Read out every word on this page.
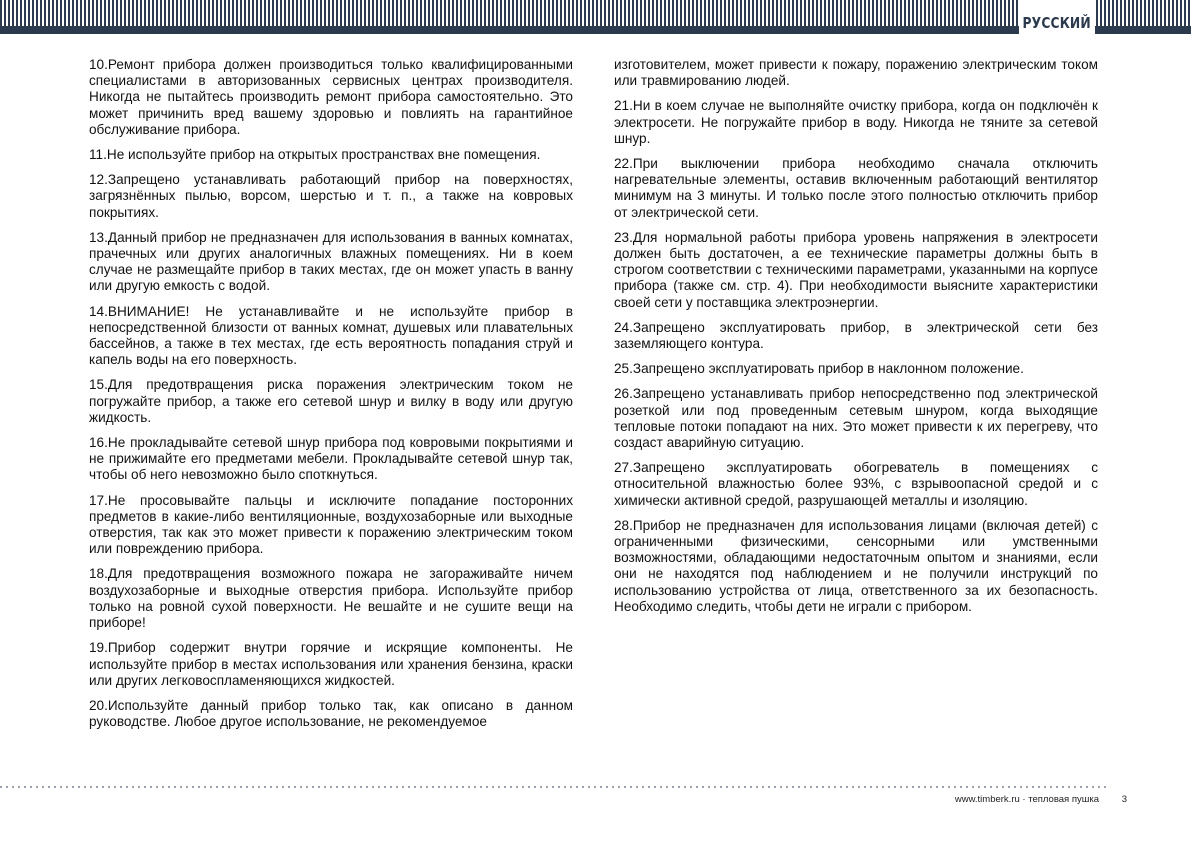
РУССКИЙ

10.Ремонт прибора должен производиться только квалифицированными специалистами в авторизованных сервисных центрах производителя. Никогда не пытайтесь производить ремонт прибора самостоятельно. Это может причинить вред вашему здоровью и повлиять на гарантийное обслуживание прибора.

11.Не используйте прибор на открытых пространствах вне помещения.

12.Запрещено устанавливать работающий прибор на поверхностях, загрязнённых пылью, ворсом, шерстью и т. п., а также на ковровых покрытиях.

13.Данный прибор не предназначен для использования в ванных комнатах, прачечных или других аналогичных влажных помещениях. Ни в коем случае не размещайте прибор в таких местах, где он может упасть в ванну или другую емкость с водой.

14.ВНИМАНИЕ! Не устанавливайте и не используйте прибор в непосредственной близости от ванных комнат, душевых или плавательных бассейнов, а также в тех местах, где есть вероятность попадания струй и капель воды на его поверхность.

15.Для предотвращения риска поражения электрическим током не погружайте прибор, а также его сетевой шнур и вилку в воду или другую жидкость.

16.Не прокладывайте сетевой шнур прибора под ковровыми покрытиями и не прижимайте его предметами мебели. Прокладывайте сетевой шнур так, чтобы об него невозможно было споткнуться.

17.Не просовывайте пальцы и исключите попадание посторонних предметов в какие-либо вентиляционные, воздухозаборные или выходные отверстия, так как это может привести к поражению электрическим током или повреждению прибора.

18.Для предотвращения возможного пожара не загораживайте ничем воздухозаборные и выходные отверстия прибора. Используйте прибор только на ровной сухой поверхности. Не вешайте и не сушите вещи на приборе!

19.Прибор содержит внутри горячие и искрящие компоненты. Не используйте прибор в местах использования или хранения бензина, краски или других легковоспламеняющихся жидкостей.

20.Используйте данный прибор только так, как описано в данном руководстве. Любое другое использование, не рекомендуемое

изготовителем, может привести к пожару, поражению электрическим током или травмированию людей.

21.Ни в коем случае не выполняйте очистку прибора, когда он подключён к электросети. Не погружайте прибор в воду. Никогда не тяните за сетевой шнур.

22.При выключении прибора необходимо сначала отключить нагревательные элементы, оставив включенным работающий вентилятор минимум на 3 минуты. И только после этого полностью отключить прибор от электрической сети.

23.Для нормальной работы прибора уровень напряжения в электросети должен быть достаточен, а ее технические параметры должны быть в строгом соответствии с техническими параметрами, указанными на корпусе прибора (также см. стр. 4). При необходимости выясните характеристики своей сети у поставщика электроэнергии.

24.Запрещено эксплуатировать прибор, в электрической сети без заземляющего контура.

25.Запрещено эксплуатировать прибор в наклонном положение.

26.Запрещено устанавливать прибор непосредственно под электрической розеткой или под проведенным сетевым шнуром, когда выходящие тепловые потоки попадают на них. Это может привести к их перегреву, что создаст аварийную ситуацию.

27.Запрещено эксплуатировать обогреватель в помещениях с относительной влажностью более 93%, с взрывоопасной средой и с химически активной средой, разрушающей металлы и изоляцию.

28.Прибор не предназначен для использования лицами (включая детей) с ограниченными физическими, сенсорными или умственными возможностями, обладающими недостаточным опытом и знаниями, если они не находятся под наблюдением и не получили инструкций по использованию устройства от лица, ответственного за их безопасность. Необходимо следить, чтобы дети не играли с прибором.

www.timberk.ru · тепловая пушка 3
